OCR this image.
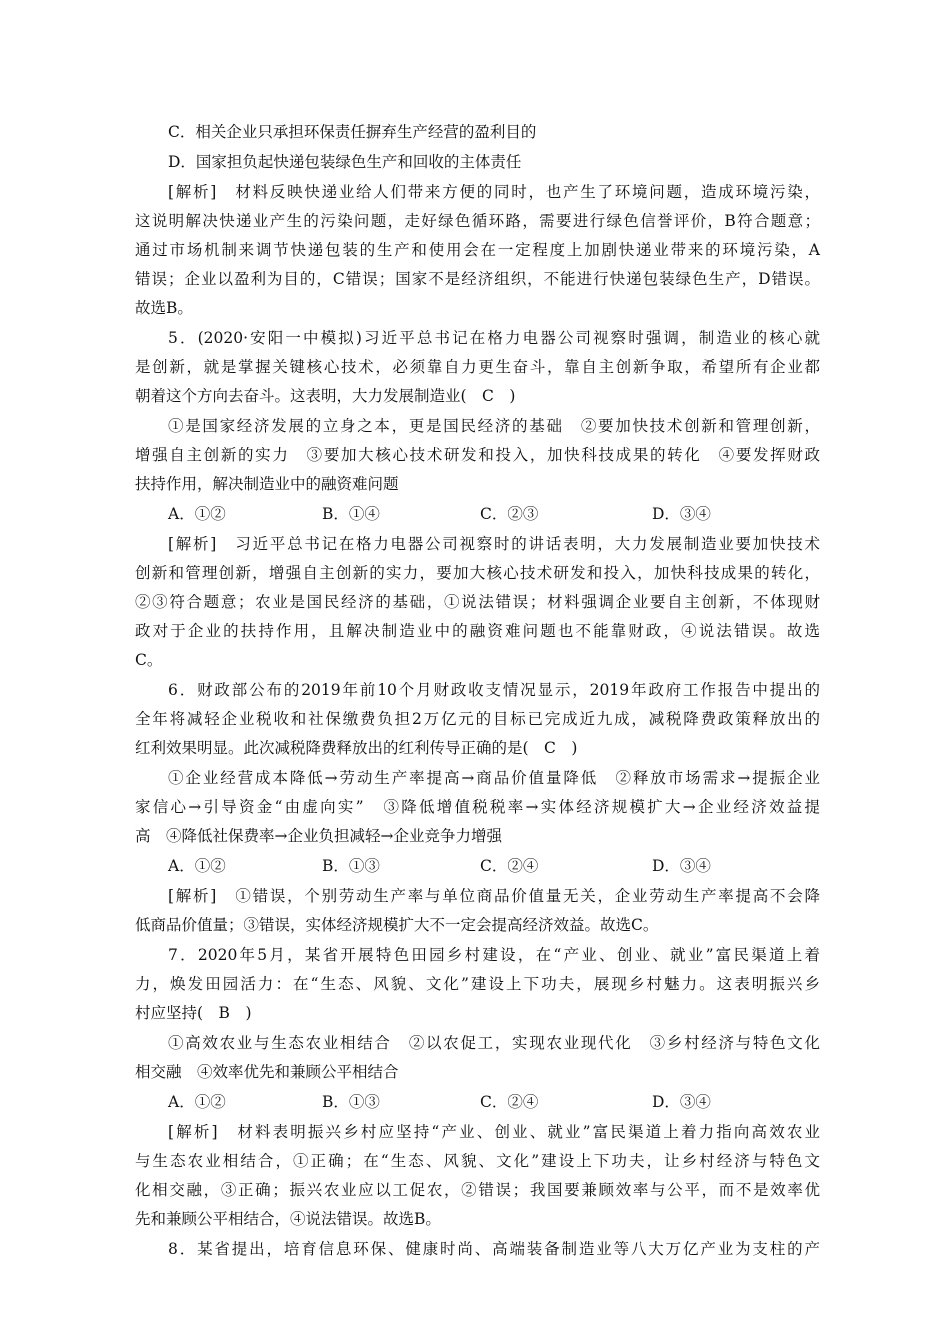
C．相关企业只承担环保责任摒弃生产经营的盈利目的
D．国家担负起快递包装绿色生产和回收的主体责任
[解析]　材料反映快递业给人们带来方便的同时，也产生了环境问题，造成环境污染，
这说明解决快递业产生的污染问题，走好绿色循环路，需要进行绿色信誉评价，B符合题意；
通过市场机制来调节快递包装的生产和使用会在一定程度上加剧快递业带来的环境污染，A
错误；企业以盈利为目的，C错误；国家不是经济组织，不能进行快递包装绿色生产，D错误。
故选B。
5．(2020·安阳一中模拟)习近平总书记在格力电器公司视察时强调，制造业的核心就
是创新，就是掌握关键核心技术，必须靠自力更生奋斗，靠自主创新争取，希望所有企业都
朝着这个方向去奋斗。这表明，大力发展制造业(　C　)
①是国家经济发展的立身之本，更是国民经济的基础　②要加快技术创新和管理创新，
增强自主创新的实力　③要加大核心技术研发和投入，加快科技成果的转化　④要发挥财政
扶持作用，解决制造业中的融资难问题
A．①②	B．①④	C．②③	D．③④
[解析]　习近平总书记在格力电器公司视察时的讲话表明，大力发展制造业要加快技术
创新和管理创新，增强自主创新的实力，要加大核心技术研发和投入，加快科技成果的转化，
②③符合题意；农业是国民经济的基础，①说法错误；材料强调企业要自主创新，不体现财
政对于企业的扶持作用，且解决制造业中的融资难问题也不能靠财政，④说法错误。故选
C。
6．财政部公布的2019年前10个月财政收支情况显示，2019年政府工作报告中提出的
全年将减轻企业税收和社保缴费负担2万亿元的目标已完成近九成，减税降费政策释放出的
红利效果明显。此次减税降费释放出的红利传导正确的是(　C　)
①企业经营成本降低→劳动生产率提高→商品价值量降低　②释放市场需求→提振企业
家信心→引导资金“由虚向实”　③降低增值税税率→实体经济规模扩大→企业经济效益提
高　④降低社保费率→企业负担减轻→企业竞争力增强
A．①②	B．①③	C．②④	D．③④
[解析]　①错误，个别劳动生产率与单位商品价值量无关，企业劳动生产率提高不会降
低商品价值量；③错误，实体经济规模扩大不一定会提高经济效益。故选C。
7．2020年5月，某省开展特色田园乡村建设，在“产业、创业、就业”富民渠道上着
力，焕发田园活力：在“生态、风貌、文化”建设上下功夫，展现乡村魅力。这表明振兴乡
村应坚持(　B　)
①高效农业与生态农业相结合　②以农促工，实现农业现代化　③乡村经济与特色文化
相交融　④效率优先和兼顾公平相结合
A．①②	B．①③	C．②④	D．③④
[解析]　材料表明振兴乡村应坚持“产业、创业、就业”富民渠道上着力指向高效农业
与生态农业相结合，①正确；在“生态、风貌、文化”建设上下功夫，让乡村经济与特色文
化相交融，③正确；振兴农业应以工促农，②错误；我国要兼顾效率与公平，而不是效率优
先和兼顾公平相结合，④说法错误。故选B。
8．某省提出，培育信息环保、健康时尚、高端装备制造业等八大万亿产业为支柱的产
